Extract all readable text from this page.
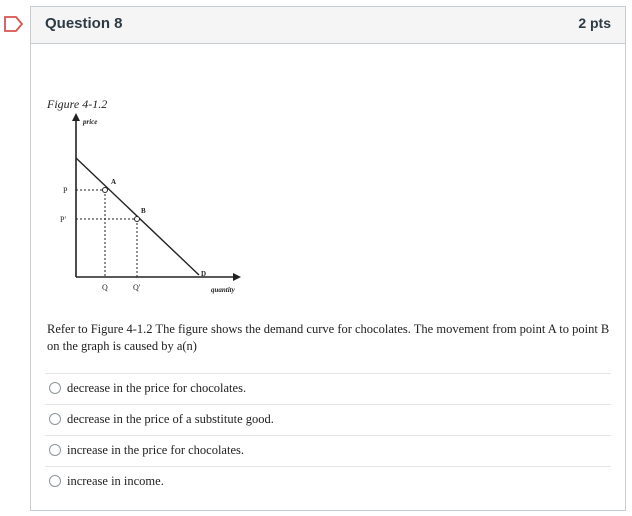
Question 8	2 pts
Figure 4-1.2
price
quantity
D
A
B
P
P'
Q	Q'
Refer to Figure 4-1.2 The figure shows the demand curve for chocolates. The movement from point A to point B on the graph is caused by a(n)
decrease in the price for chocolates.
decrease in the price of a substitute good.
increase in the price for chocolates.
increase in income.
